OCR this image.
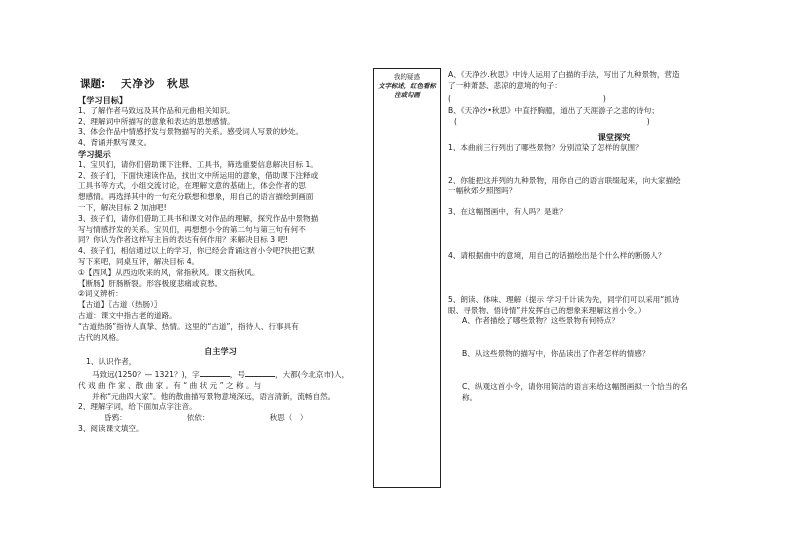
课题: 天净沙　秋思
【学习目标】
1、了解作者马致远及其作品和元曲相关知识。
2、理解词中所描写的意象和表达的思想感情。
3、体会作品中情感抒发与景物描写的关系。感受词人写景的妙处。
4、背诵并默写课文。
学习提示
1、宝贝们，请你们借助课下注释、工具书，筛选重要信息解决目标 1。
2、孩子们，下面快速读作品，找出文中所运用的意象，借助课下注释或
工具书等方式，小组交流讨论，在理解文意的基础上，体会作者的思
想感情。再选择其中的一句充分联想和想象，用自己的语言描绘到画面
一下，解决目标 2 加油吧!
3、孩子们，请你们借助工具书和课文对作品的理解，探究作品中景物描
写与情感抒发的关系。宝贝们，再想想小令的第二句与第三句有何不
同？你认为作者这样写主旨的表达有何作用？来解决目标 3 吧!
4、孩子们，相信通过以上的学习，你已经会背诵这首小令吧?快把它默
写下来吧，同桌互评，解决目标 4。
①【西风】从西边吹来的风，常指秋风。课文指秋风。
【断肠】肝肠断裂。形容极度悲痛或哀愁。
②词义辨析：
【古道】〖古道（热肠）〗
古道：课文中指古老的道路。
“古道热肠”指待人真挚、热情。这里的“古道”，指待人、行事具有
古代的风格。
自主学习
1、认识作者，
马致远(1250？— 1321？)，字	，号	，大都(今北京市)人，
代 戏 曲 作 家 、散 曲 家 。有 “ 曲 状 元 ” 之 称 。与
并称“元曲四大家”。他的散曲描写景物意境深远，语言清新，流畅自然。
2、理解字词，给下面加点字注音。
昏鸦：	依依：	秋思（　）
3、阅读课文填空。
我的疑惑
文字标述，红色看标注或勾画
A、《天净沙.秋思》中诗人运用了白描的手法，写出了九种景物，营造
了一种萧瑟、悲凉的意境的句子：
(　　　　　　　　　　　　　　　　　　　　)
B、《天净沙•秋思》中直抒胸臆，道出了天涯游子之悲的诗句；
(　　　　　　　　　　　　　　　　　　　　　　　　　)
课堂探究
1、本曲前三行列出了哪些景物？分别渲染了怎样的氛围？
2、你能把这并列的九种景物，用你自己的语言联缀起来，向大家描绘
一幅秋郊夕照图吗？
3、在这幅图画中，有人吗？是谁？
4、请根据曲中的意境，用自己的话描绘出是个什么样的断肠人？
5、朗读、体味、理解（提示 学习千计读为先，同学们可以采用“抓诗
眼、寻景物、悟诗情”并发挥自己的想象来理解这首小令。）
A、作者描绘了哪些景物？这些景物有何特点？
B、从这些景物的描写中，你品读出了作者怎样的情感？
C、纵观这首小令，请你用简洁的语言来给这幅图画拟一个恰当的名
称。
